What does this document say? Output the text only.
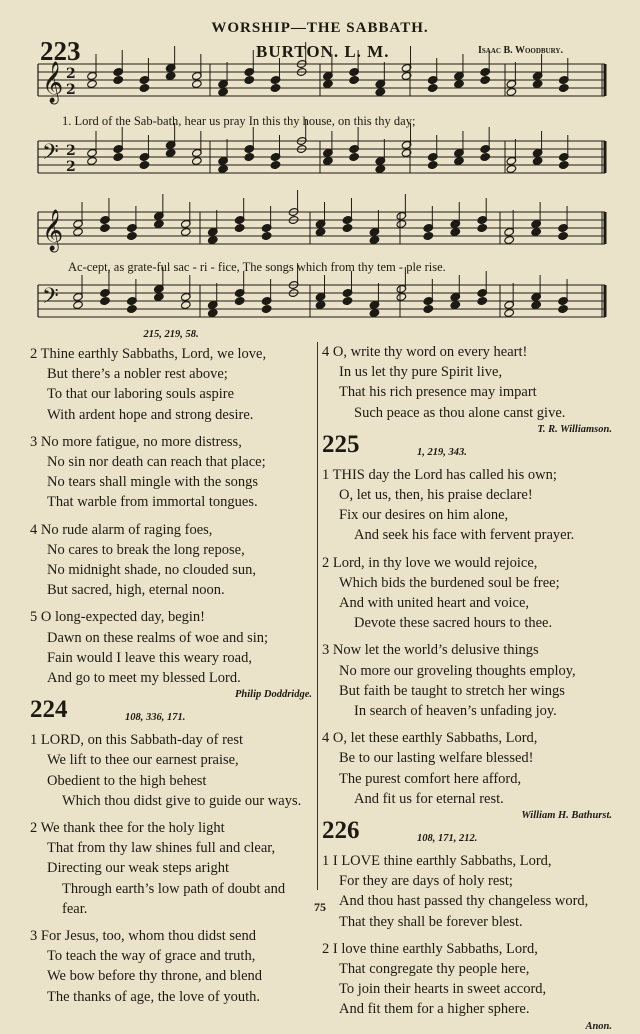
WORSHIP—THE SABBATH.
223	BURTON. L. M.	Isaac B. Woodbury.
𝄞 2
2
𝄢 2
2
𝄞
𝄢
1. Lord of the Sab-bath, hear us pray In this thy house, on this thy day;
Ac-cept, as grate-ful sac - ri - fice, The songs which from thy tem - ple rise.
215, 219, 58.
2 Thine earthly Sabbaths, Lord, we love,
But there’s a nobler rest above;
To that our laboring souls aspire
With ardent hope and strong desire.
3 No more fatigue, no more distress,
No sin nor death can reach that place;
No tears shall mingle with the songs
That warble from immortal tongues.
4 No rude alarm of raging foes,
No cares to break the long repose,
No midnight shade, no clouded sun,
But sacred, high, eternal noon.
5 O long-expected day, begin!
Dawn on these realms of woe and sin;
Fain would I leave this weary road,
And go to meet my blessed Lord.
Philip Doddridge.
224	108, 336, 171.
1 LORD, on this Sabbath-day of rest
We lift to thee our earnest praise,
Obedient to the high behest
Which thou didst give to guide our ways.
2 We thank thee for the holy light
That from thy law shines full and clear,
Directing our weak steps aright
Through earth’s low path of doubt and
fear.
3 For Jesus, too, whom thou didst send
To teach the way of grace and truth,
We bow before thy throne, and blend
The thanks of age, the love of youth.
4 O, write thy word on every heart!
In us let thy pure Spirit live,
That his rich presence may impart
Such peace as thou alone canst give.
T. R. Williamson.
225	1, 219, 343.
1 THIS day the Lord has called his own;
O, let us, then, his praise declare!
Fix our desires on him alone,
And seek his face with fervent prayer.
2 Lord, in thy love we would rejoice,
Which bids the burdened soul be free;
And with united heart and voice,
Devote these sacred hours to thee.
3 Now let the world’s delusive things
No more our groveling thoughts employ,
But faith be taught to stretch her wings
In search of heaven’s unfading joy.
4 O, let these earthly Sabbaths, Lord,
Be to our lasting welfare blessed!
The purest comfort here afford,
And fit us for eternal rest.
William H. Bathurst.
226	108, 171, 212.
1 I LOVE thine earthly Sabbaths, Lord,
For they are days of holy rest;
And thou hast passed thy changeless word,
That they shall be forever blest.
2 I love thine earthly Sabbaths, Lord,
That congregate thy people here,
To join their hearts in sweet accord,
And fit them for a higher sphere.
Anon.
75
